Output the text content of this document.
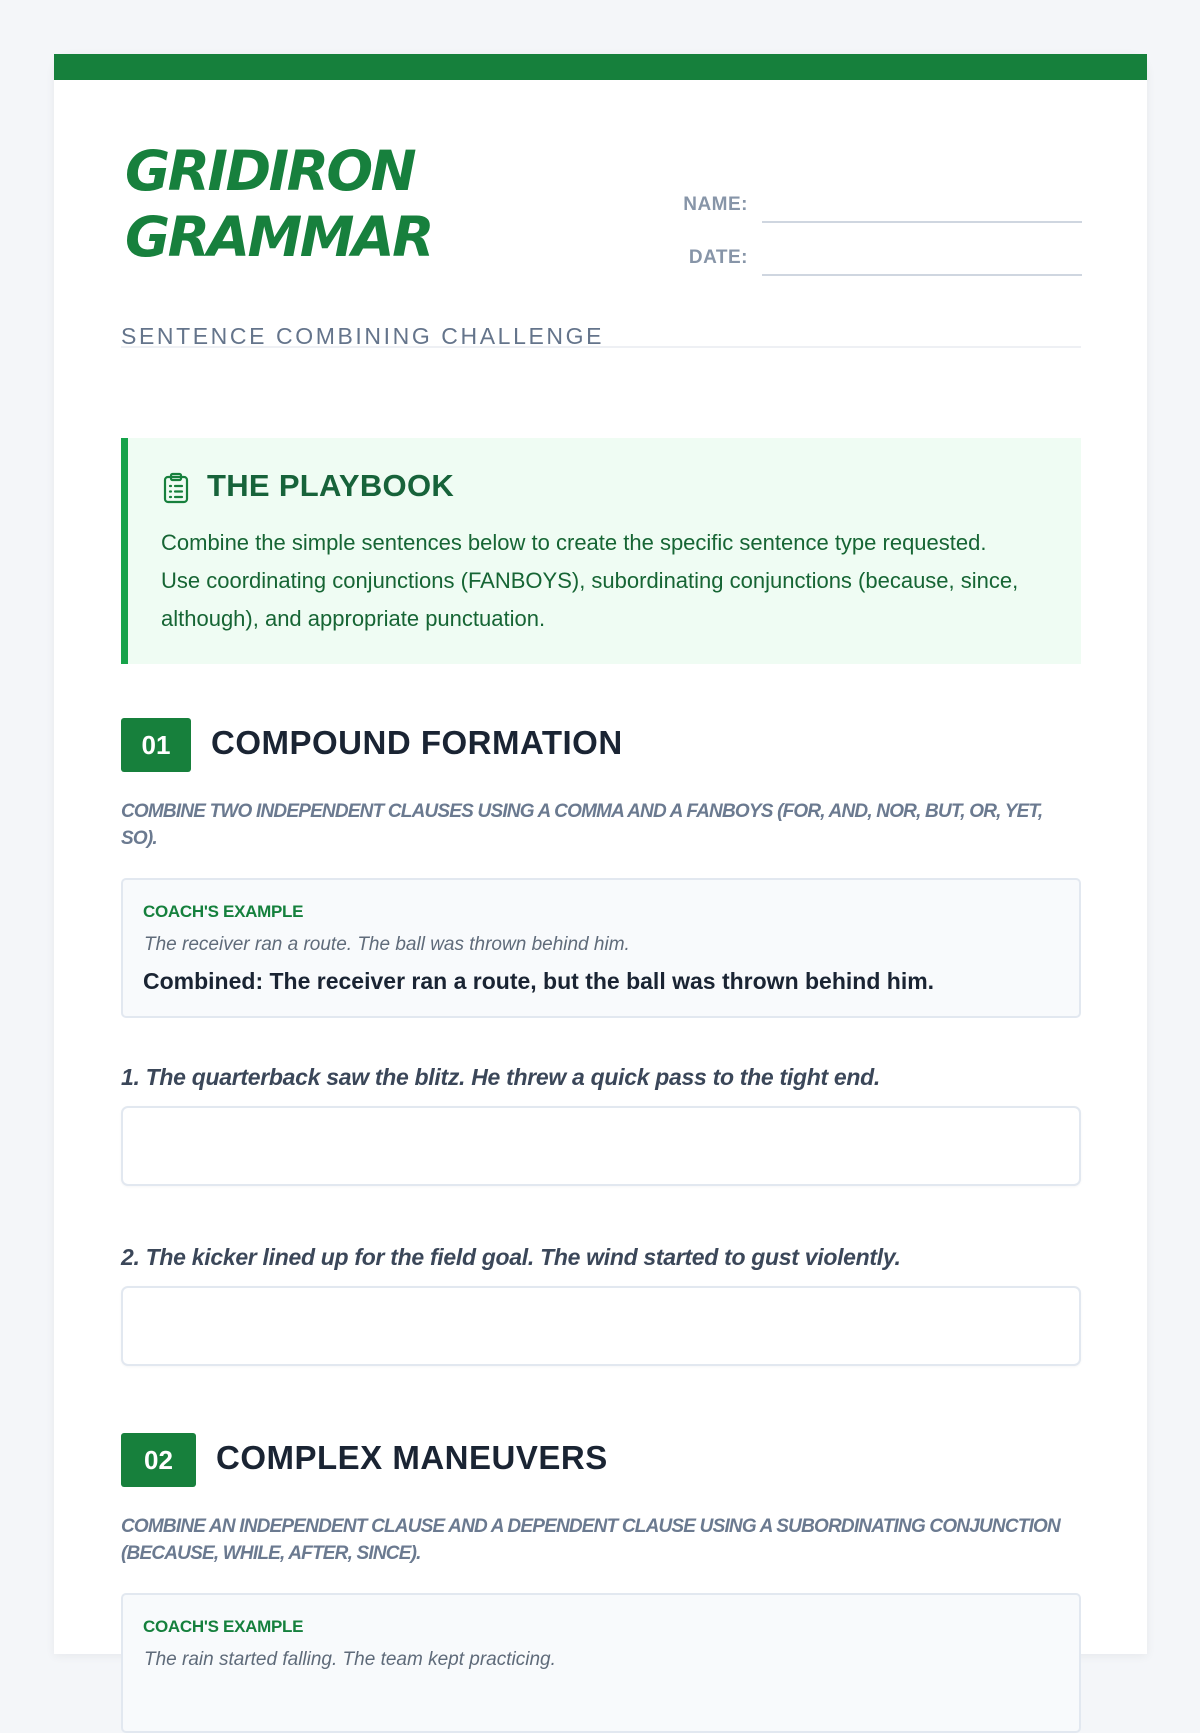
GRIDIRON
GRAMMAR
SENTENCE COMBINING CHALLENGE
NAME:
DATE:
THE PLAYBOOK
Combine the simple sentences below to create the specific sentence type requested. Use coordinating conjunctions (FANBOYS), subordinating conjunctions (because, since, although), and appropriate punctuation.
01	COMPOUND FORMATION
COMBINE TWO INDEPENDENT CLAUSES USING A COMMA AND A FANBOYS (FOR, AND, NOR, BUT, OR, YET, SO).
COACH'S EXAMPLE
The receiver ran a route. The ball was thrown behind him.
Combined: The receiver ran a route, but the ball was thrown behind him.
1. The quarterback saw the blitz. He threw a quick pass to the tight end.
2. The kicker lined up for the field goal. The wind started to gust violently.
02	COMPLEX MANEUVERS
COMBINE AN INDEPENDENT CLAUSE AND A DEPENDENT CLAUSE USING A SUBORDINATING CONJUNCTION (BECAUSE, WHILE, AFTER, SINCE).
COACH'S EXAMPLE
The rain started falling. The team kept practicing.
